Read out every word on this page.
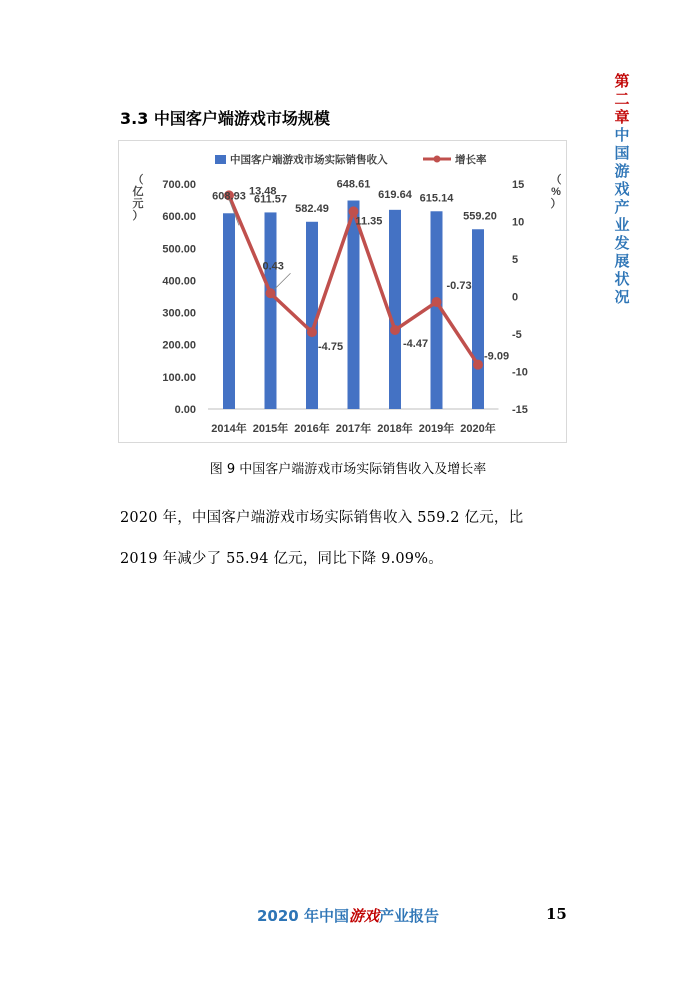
第
二
章
中
国
游
戏
产
业
发
展
状
况
3.3 中国客户端游戏市场规模
0.00
100.00
200.00
300.00
400.00
500.00
600.00
700.00
-15
-10
-5
0
5
10
15
（
亿
元
）
（
%
）
2014年 2015年 2016年 2017年 2018年 2019年 2020年
608.93 611.57
582.49
648.61
619.64 615.14
559.20
13.48
0.43
-4.75
11.35
-4.47
-0.73
-9.09
中国客户端游戏市场实际销售收入	增长率
图 9 中国客户端游戏市场实际销售收入及增长率
2020 年，中国客户端游戏市场实际销售收入 559.2 亿元，比
2019 年减少了 55.94 亿元，同比下降 9.09%。
2020 年中国游戏产业报告	15
